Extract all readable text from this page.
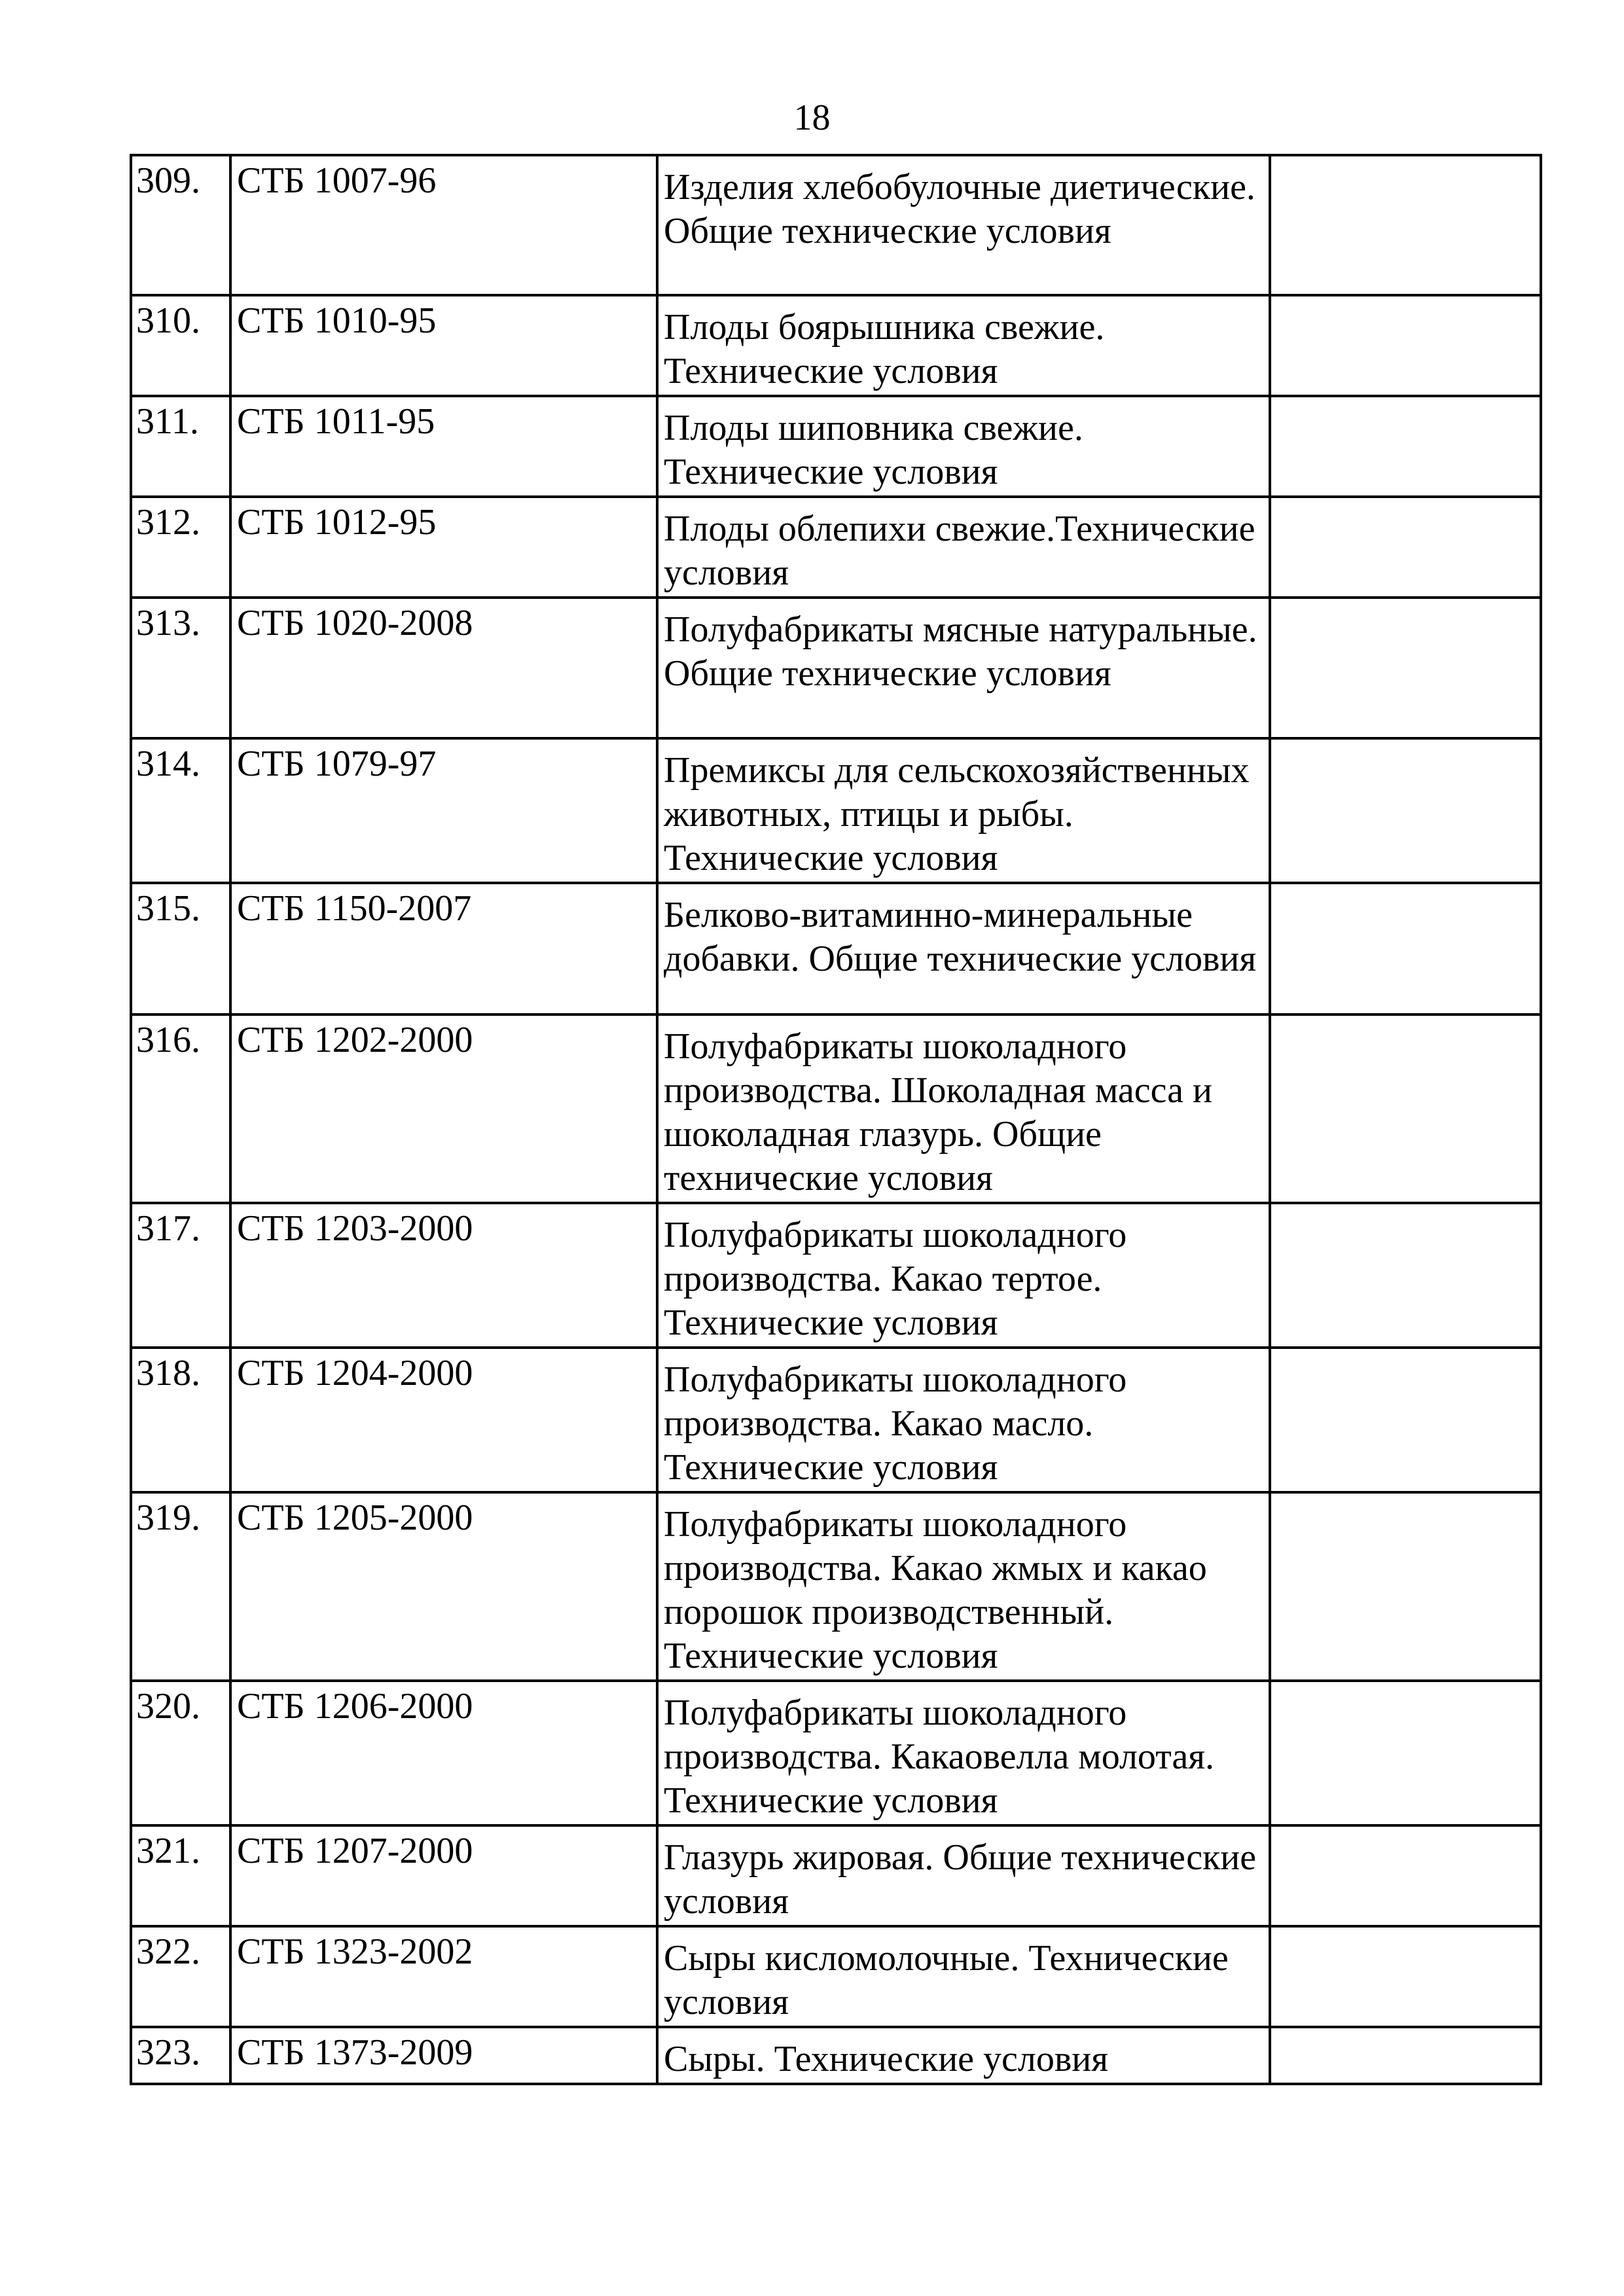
18
309.	СТБ 1007-96	Изделия хлебобулочные диетические. Общие технические условия	
310.	СТБ 1010-95	Плоды боярышника свежие. Технические условия	
311.	СТБ 1011-95	Плоды шиповника свежие. Технические условия	
312.	СТБ 1012-95	Плоды облепихи свежие.Технические условия	
313.	СТБ 1020-2008	Полуфабрикаты мясные натуральные. Общие технические условия	
314.	СТБ 1079-97	Премиксы для сельскохозяйственных животных, птицы и рыбы. Технические условия	
315.	СТБ 1150-2007	Белково-витаминно-минеральные добавки. Общие технические условия	
316.	СТБ 1202-2000	Полуфабрикаты шоколадного производства. Шоколадная масса и шоколадная глазурь. Общие технические условия	
317.	СТБ 1203-2000	Полуфабрикаты шоколадного производства. Какао тертое. Технические условия	
318.	СТБ 1204-2000	Полуфабрикаты шоколадного производства. Какао масло. Технические условия	
319.	СТБ 1205-2000	Полуфабрикаты шоколадного производства. Какао жмых и какао порошок производственный. Технические условия	
320.	СТБ 1206-2000	Полуфабрикаты шоколадного производства. Какаовелла молотая. Технические условия	
321.	СТБ 1207-2000	Глазурь жировая. Общие технические условия	
322.	СТБ 1323-2002	Сыры кисломолочные. Технические условия	
323.	СТБ 1373-2009	Сыры. Технические условия	
